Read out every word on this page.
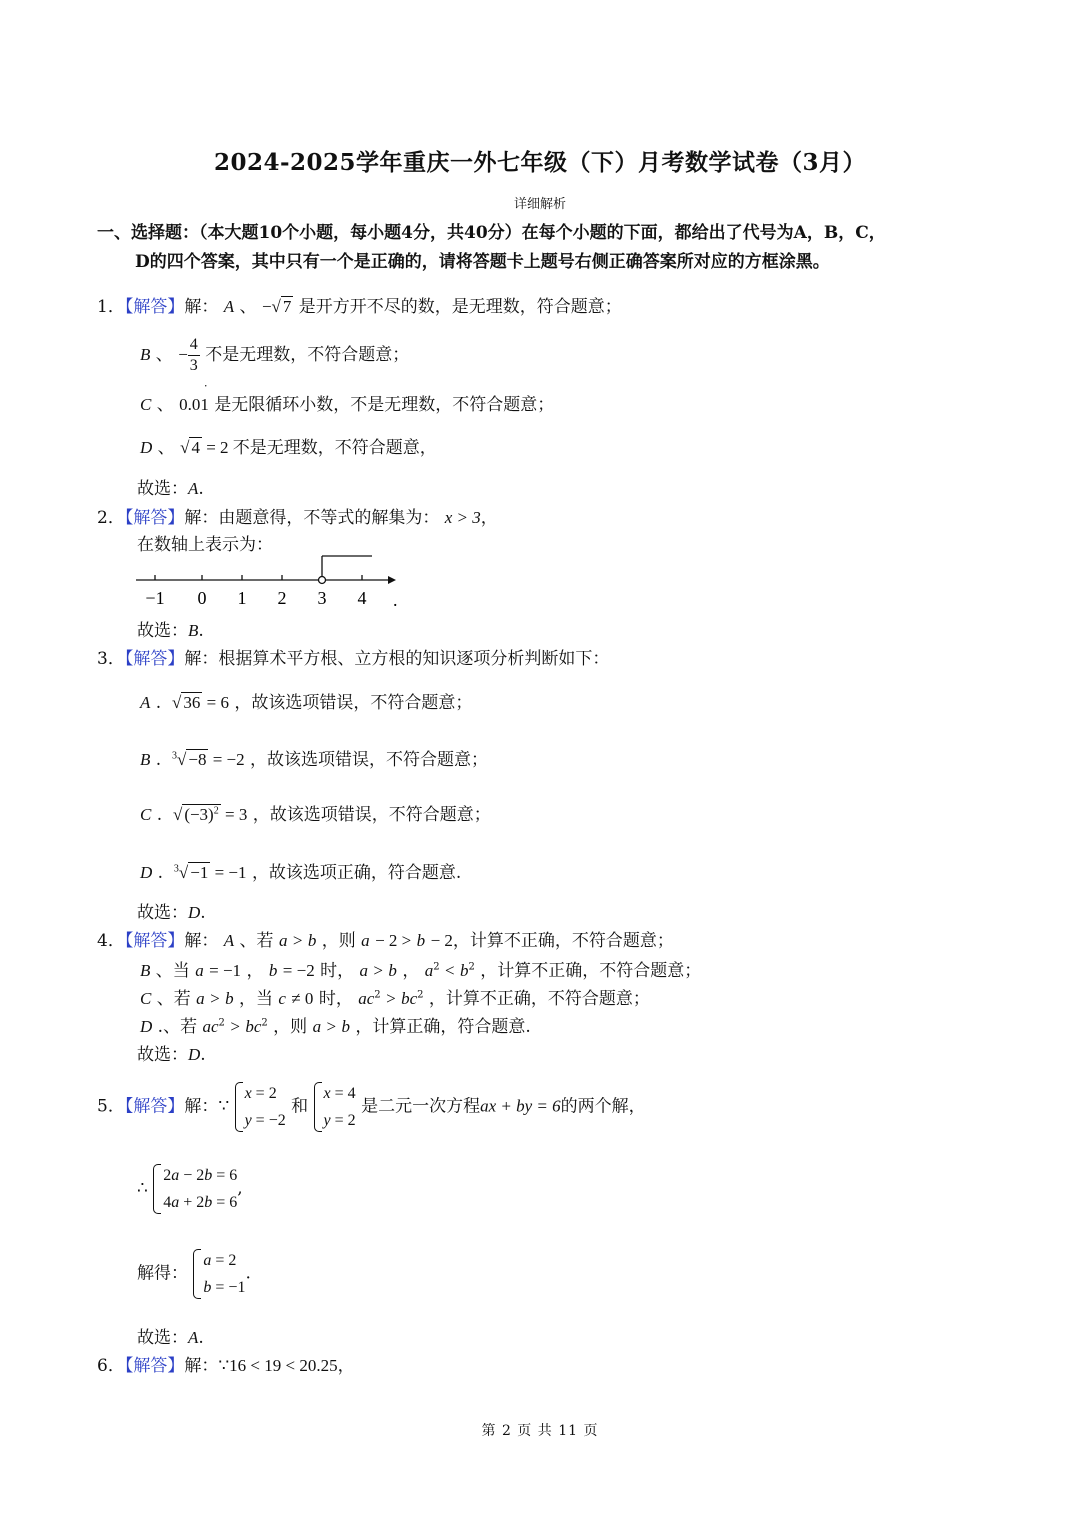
2024-2025学年重庆一外七年级（下）月考数学试卷（3月）
详细解析
一、选择题：（本大题10个小题，每小题4分，共40分）在每个小题的下面，都给出了代号为A，B，C，
D的四个答案，其中只有一个是正确的，请将答题卡上题号右侧正确答案所对应的方框涂黑。
1．【解答】解： A 、 −√ 7 是开方开不尽的数，是无理数，符合题意；
B 、 − $\frac{4}{3}$ 不是无理数，不符合题意；
C 、 0.01
˙
是无限循环小数，不是无理数，不符合题意；
D 、 √ 4 = 2 不是无理数，不符合题意，
故选：A.
2．【解答】解：由题意得，不等式的解集为： x > 3，
在数轴上表示为：
−1 0 1 2 3 4 .
故选：B.
3．【解答】解：根据算术平方根、立方根的知识逐项分析判断如下：
A .  √ 36 = 6 ，故该选项错误，不符合题意；
B .  $^3$√ −8 = −2 ，故该选项错误，不符合题意；
C .  √ $(-3)^2 = 3$ ，故该选项错误，不符合题意；
D .  $^3$√ −1 = −1 ，故该选项正确，符合题意.
故选：D.
4．【解答】解： A 、若 a > b ，则 a − 2 > b − 2，计算不正确，不符合题意；
B 、当 a = −1 ， b = −2 时， a > b ， $a^2 < b^2$ ，计算不正确，不符合题意；
C 、若 a > b ，当 c ≠ 0 时， $ac^2 > bc^2$ ，计算不正确，不符合题意；
D .、若 $ac^2 > bc^2$ ，则 a > b ，计算正确，符合题意.
故选：D.
5．【解答】解：∵ x = 2
y = −2 和 x = 4
y = 2 是二元一次方程ax + by = 6的两个解，
∴ 2a − 2b = 6
4a + 2b = 6,
解得： a = 2
b = −1.
故选：A.
6．【解答】解：∵16 < 19 < 20.25，
第 2 页 共 11 页
